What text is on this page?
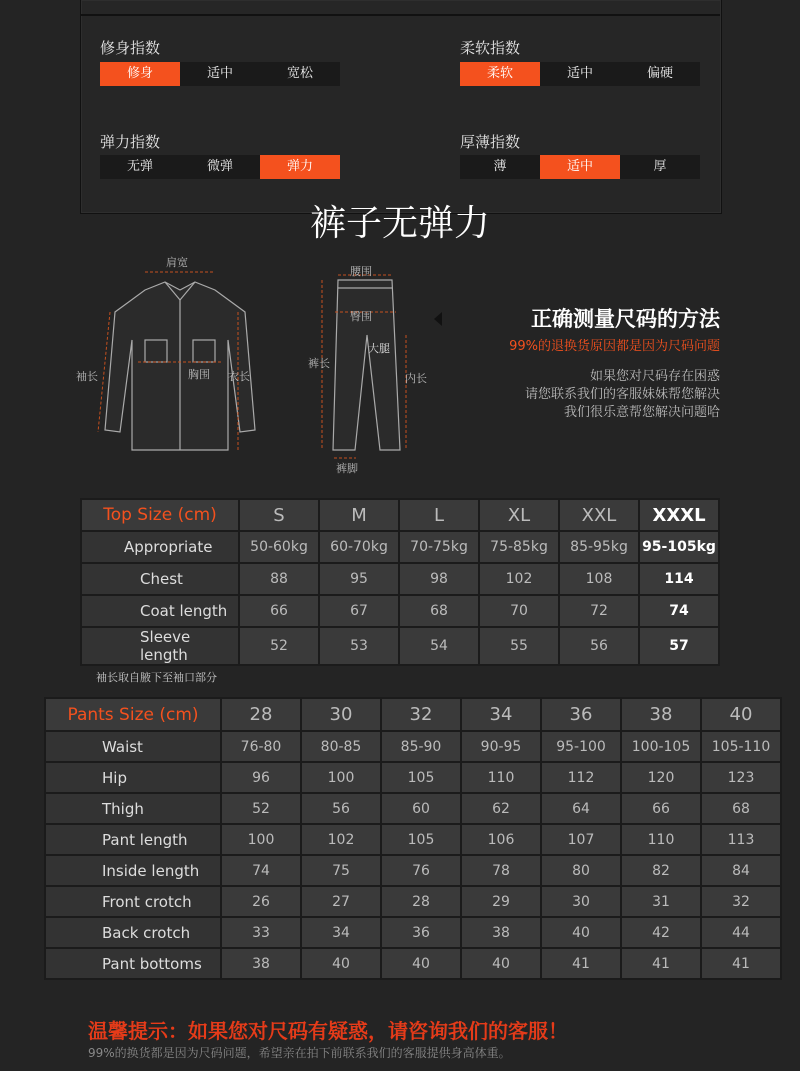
修身指数
修身	适中	宽松
柔软指数
柔软	适中	偏硬
弹力指数
无弹	微弹	弹力
厚薄指数
薄	适中	厚
裤子无弹力
肩宽
袖长	胸围 衣长
腰围
臀围
大腿
裤长
内长
裤脚
正确测量尺码的方法
99%的退换货原因都是因为尺码问题
如果您对尺码存在困惑
请您联系我们的客服妹妹帮您解决
我们很乐意帮您解决问题哈
Top Size (cm)	S	M	L	XL	XXL	XXXL
Appropriate	50-60kg	60-70kg	70-75kg	75-85kg	85-95kg	95-105kg
Chest	88	95	98	102	108	114
Coat length	66	67	68	70	72	74
Sleeve length	52	53	54	55	56	57
袖长取自腋下至袖口部分
Pants Size (cm)	28	30	32	34	36	38	40
Waist	76-80	80-85	85-90	90-95	95-100	100-105	105-110
Hip	96	100	105	110	112	120	123
Thigh	52	56	60	62	64	66	68
Pant length	100	102	105	106	107	110	113
Inside length	74	75	76	78	80	82	84
Front crotch	26	27	28	29	30	31	32
Back crotch	33	34	36	38	40	42	44
Pant bottoms	38	40	40	40	41	41	41
温馨提示：如果您对尺码有疑惑，请咨询我们的客服！
99%的换货都是因为尺码问题，希望亲在拍下前联系我们的客服提供身高体重。
